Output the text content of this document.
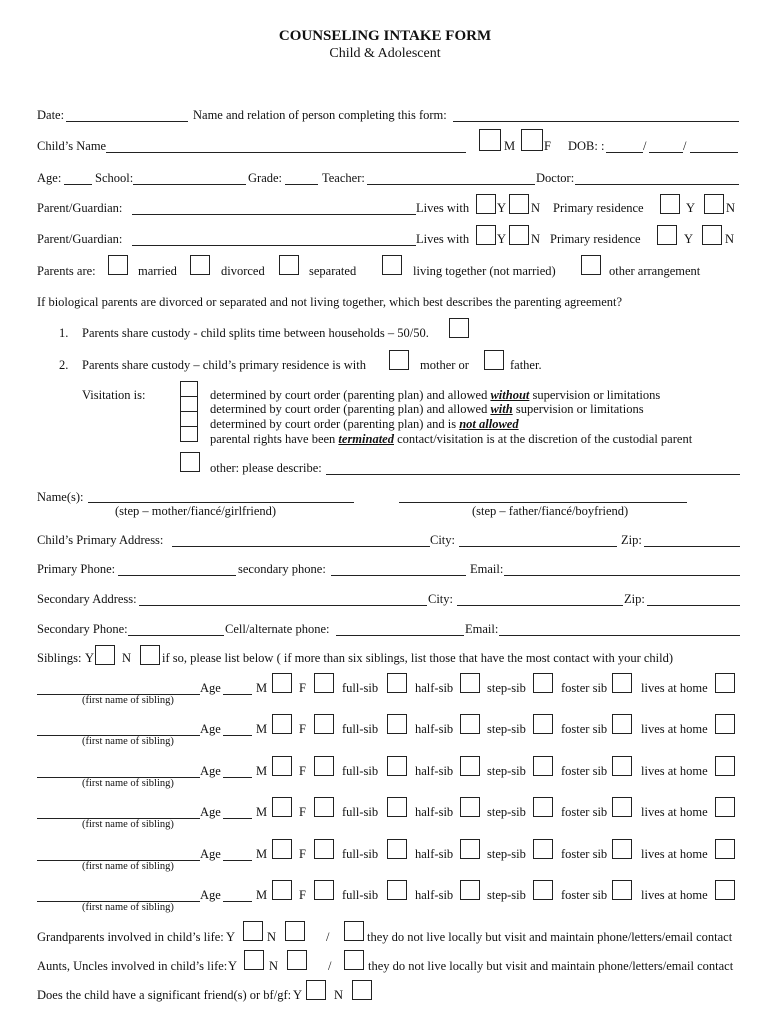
COUNSELING INTAKE FORM
Child & Adolescent
Date:	Name and relation of person completing this form:
Child’s Name	M F DOB: :	/	/
Age:	School:	Grade:	Teacher:	Doctor:
Parent/Guardian:	Lives with Y N Primary residence	Y N
Parent/Guardian:	Lives with Y N Primary residence	Y	N
Parents are:	married	divorced	separated	living together (not married)	other arrangement
If biological parents are divorced or separated and not living together, which best describes the parenting agreement?
1. Parents share custody - child splits time between households – 50/50.
2. Parents share custody – child’s primary residence is with	mother or	father.
Visitation is:	determined by court order (parenting plan) and allowed without supervision or limitations
determined by court order (parenting plan) and allowed with supervision or limitations
determined by court order (parenting plan) and is not allowed
parental rights have been terminated contact/visitation is at the discretion of the custodial parent
other: please describe:
Name(s):
(step – mother/fiancé/girlfriend)	(step – father/fiancé/boyfriend)
Child’s Primary Address:	City:	Zip:
Primary Phone:	secondary phone:	Email:
Secondary Address:	City:	Zip:
Secondary Phone:	Cell/alternate phone:	Email:
Siblings: Y N if so, please list below ( if more than six siblings, list those that have the most contact with your child)
(first name of sibling)
Age	M	F	full-sib	half-sib	step-sib	foster sib	lives at home
(first name of sibling)
Age	M	F	full-sib	half-sib	step-sib	foster sib	lives at home
(first name of sibling)
Age	M	F	full-sib	half-sib	step-sib	foster sib	lives at home
(first name of sibling)
Age	M	F	full-sib	half-sib	step-sib	foster sib	lives at home
(first name of sibling)
Age	M	F	full-sib	half-sib	step-sib	foster sib	lives at home
(first name of sibling)
Age	M	F	full-sib	half-sib	step-sib	foster sib	lives at home
Grandparents involved in child’s life: Y	N	/	they do not live locally but visit and maintain phone/letters/email contact
Aunts, Uncles involved in child’s life: Y	N	/	they do not live locally but visit and maintain phone/letters/email contact
Does the child have a significant friend(s) or bf/gf: Y	N
